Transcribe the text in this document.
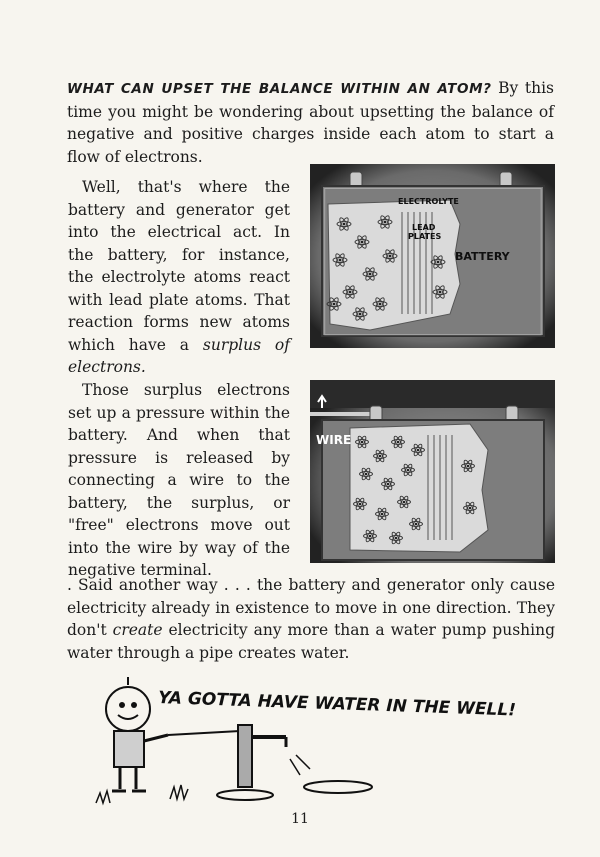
WHAT CAN UPSET THE BALANCE WITHIN AN ATOM? By this time you might be wondering about upsetting the balance of negative and positive charges inside each atom to start a flow of electrons.

Well, that's where the battery and generator get into the electrical act. In the battery, for instance, the electrolyte atoms react with lead plate atoms. That reaction forms new atoms which have a surplus of electrons.

ELECTROLYTE
LEAD
PLATES
BATTERY

Those surplus electrons set up a pressure within the battery. And when that pressure is released by connecting a wire to the battery, the surplus, or "free" electrons move out into the wire by way of the negative terminal.

WIRE

. Said another way . . . the battery and generator only cause electricity already in existence to move in one direction. They don't create electricity any more than a water pump pushing water through a pipe creates water.

YA GOTTA HAVE WATER IN THE WELL!
11
